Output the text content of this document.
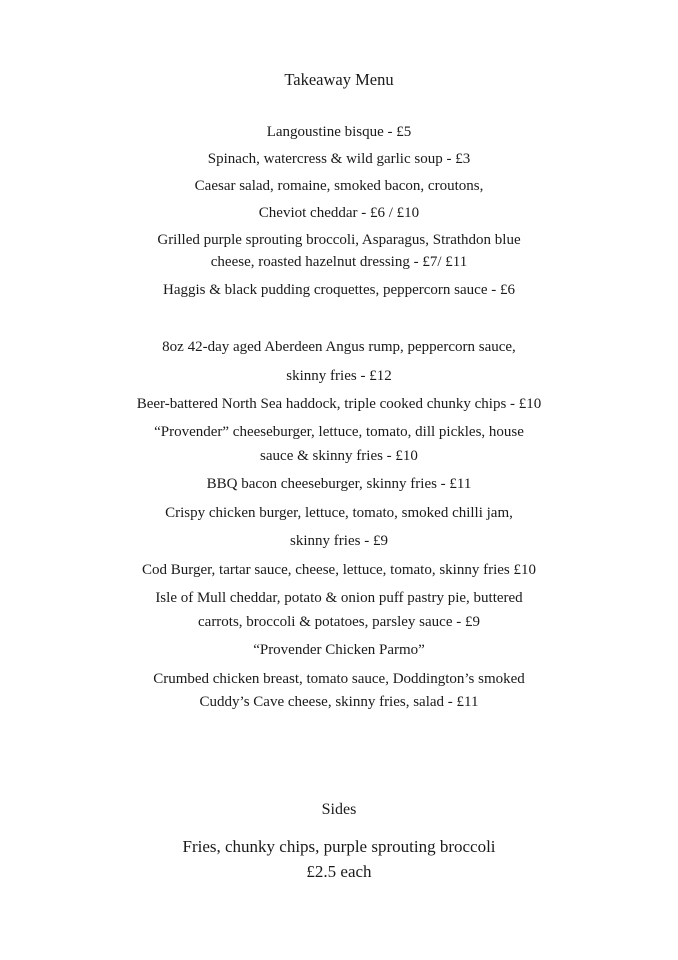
Takeaway Menu
Langoustine bisque - £5
Spinach, watercress & wild garlic soup - £3
Caesar salad, romaine, smoked bacon, croutons,
Cheviot cheddar - £6 / £10
Grilled purple sprouting broccoli, Asparagus, Strathdon blue
cheese, roasted hazelnut dressing - £7/ £11
Haggis & black pudding croquettes, peppercorn sauce - £6
8oz 42-day aged Aberdeen Angus rump, peppercorn sauce,
skinny fries - £12
Beer-battered North Sea haddock, triple cooked chunky chips - £10
“Provender” cheeseburger, lettuce, tomato, dill pickles, house
sauce & skinny fries - £10
BBQ bacon cheeseburger, skinny fries - £11
Crispy chicken burger, lettuce, tomato, smoked chilli jam,
skinny fries - £9
Cod Burger, tartar sauce, cheese, lettuce, tomato, skinny fries £10
Isle of Mull cheddar, potato & onion puff pastry pie, buttered
carrots, broccoli & potatoes, parsley sauce - £9
“Provender Chicken Parmo”
Crumbed chicken breast, tomato sauce, Doddington’s smoked
Cuddy’s Cave cheese, skinny fries, salad - £11
Sides
Fries, chunky chips, purple sprouting broccoli
£2.5 each
